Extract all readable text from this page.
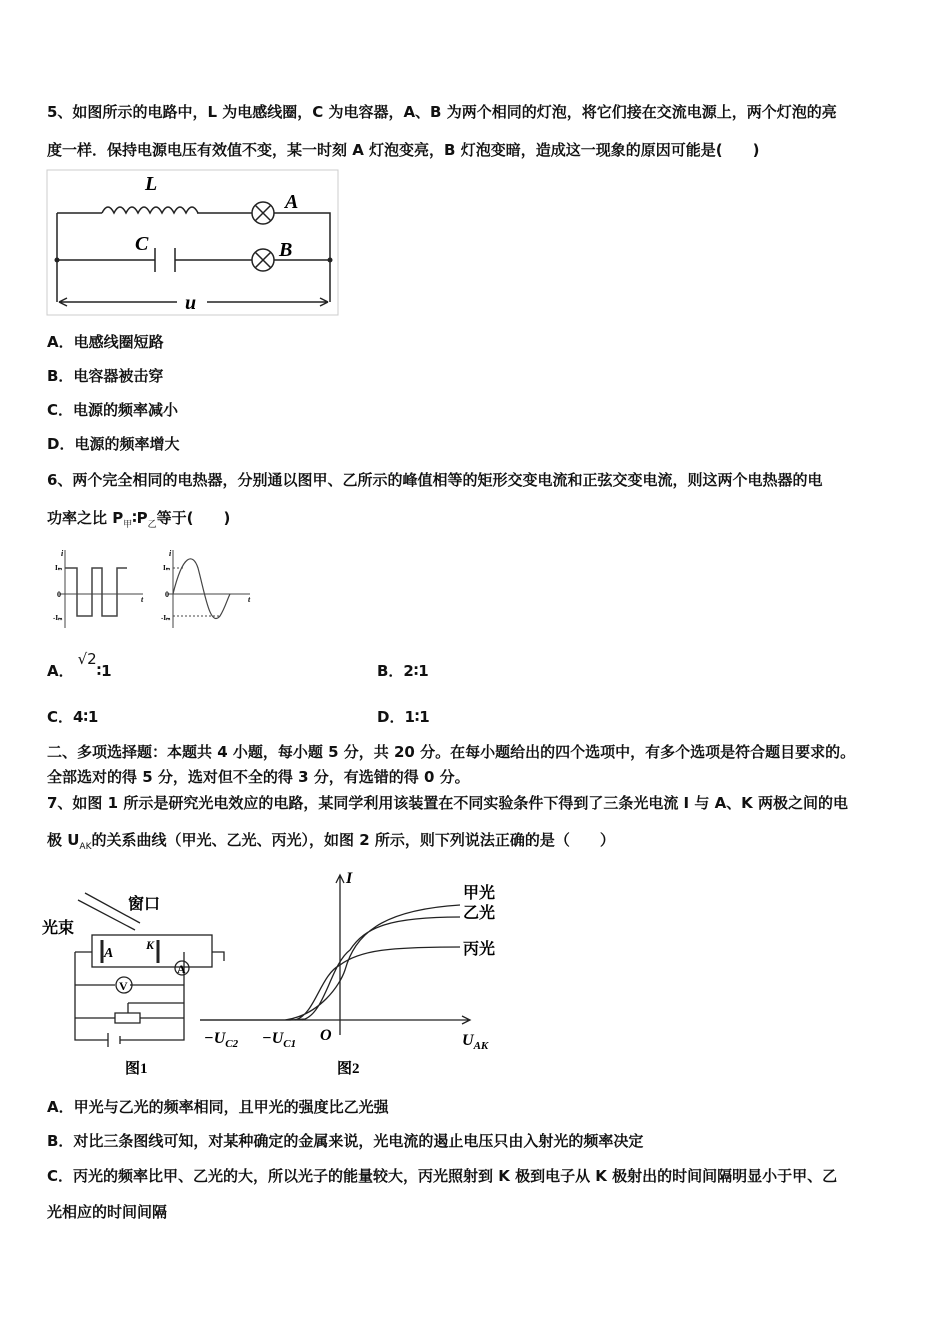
5、如图所示的电路中，L 为电感线圈，C 为电容器，A、B 为两个相同的灯泡，将它们接在交流电源上，两个灯泡的亮
度一样．保持电源电压有效值不变，某一时刻 A 灯泡变亮，B 灯泡变暗，造成这一现象的原因可能是(　　)
L
C
A
B
u
A．电感线圈短路
B．电容器被击穿
C．电源的频率减小
D．电源的频率增大
6、两个完全相同的电热器，分别通以图甲、乙所示的峰值相等的矩形交变电流和正弦交变电流，则这两个电热器的电
功率之比 $P_甲∶P_乙$等于(　　)
i
Iₘ
0
-Iₘ
t
i
Iₘ
0
-Iₘ
t
A．√2∶1	B．2∶1
C．4∶1	D．1∶1
二、多项选择题：本题共 4 小题，每小题 5 分，共 20 分。在每小题给出的四个选项中，有多个选项是符合题目要求的。
全部选对的得 5 分，选对但不全的得 3 分，有选错的得 0 分。
7、如图 1 所示是研究光电效应的电路，某同学利用该装置在不同实验条件下得到了三条光电流 I 与 A、K 两极之间的电
极 $U_{AK}$的关系曲线（甲光、乙光、丙光），如图 2 所示，则下列说法正确的是（　　）
光束
窗口
A
K
A
V
图1
I
甲光
乙光
丙光
$-U_{C2} -U_{C1}$ O	$U_{AK}$
图2
A．甲光与乙光的频率相同，且甲光的强度比乙光强
B．对比三条图线可知，对某种确定的金属来说，光电流的遏止电压只由入射光的频率决定
C．丙光的频率比甲、乙光的大，所以光子的能量较大，丙光照射到 K 极到电子从 K 极射出的时间间隔明显小于甲、乙
光相应的时间间隔
